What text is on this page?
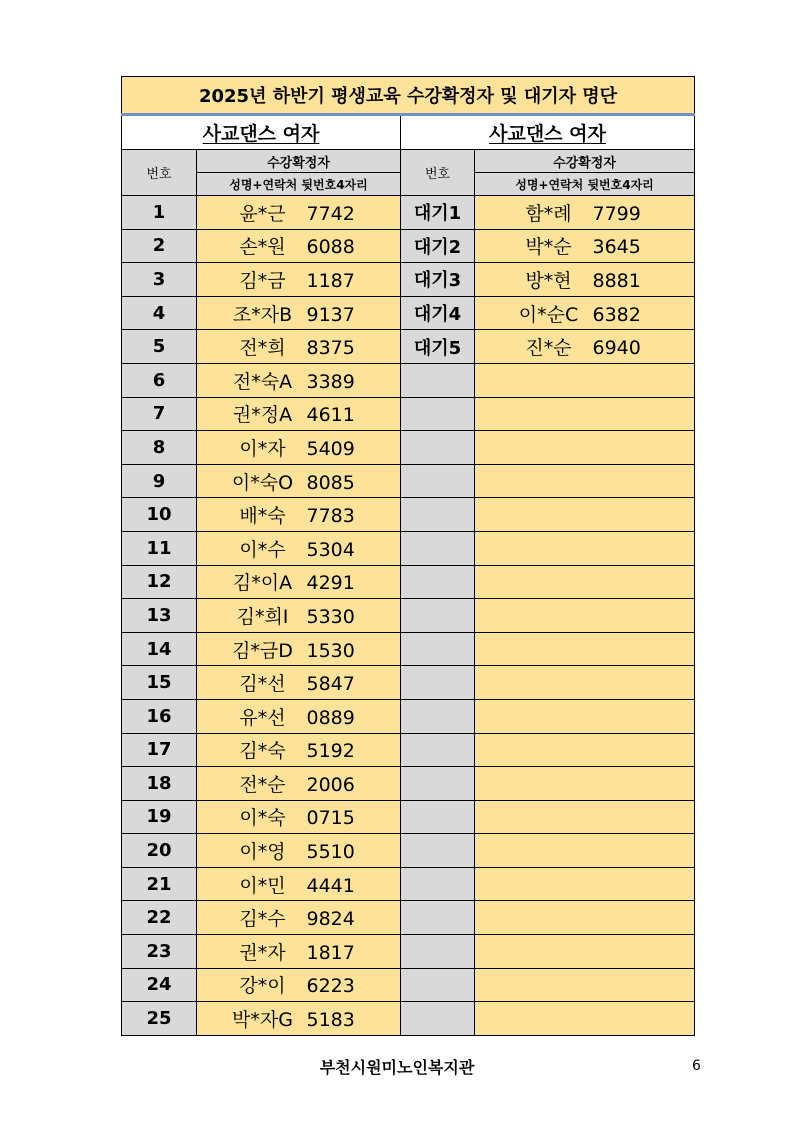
2025년 하반기 평생교육 수강확정자 및 대기자 명단			
사교댄스 여자		사교댄스 여자	
번호	수강확정자	번호	수강확정자
	성명+연락처 뒷번호4자리		성명+연락처 뒷번호4자리
1	윤*근 7742	대기1	함*례 7799
2	손*원 6088	대기2	박*순 3645
3	김*금 1187	대기3	방*현 8881
4	조*자B 9137	대기4	이*순C 6382
5	전*희 8375	대기5	진*순 6940
6	전*숙A 3389		
7	권*정A 4611		
8	이*자 5409		
9	이*숙O 8085		
10	배*숙 7783		
11	이*수 5304		
12	김*이A 4291		
13	김*희I 5330		
14	김*금D 1530		
15	김*선 5847		
16	유*선 0889		
17	김*숙 5192		
18	전*순 2006		
19	이*숙 0715		
20	이*영 5510		
21	이*민 4441		
22	김*수 9824		
23	권*자 1817		
24	강*이 6223		
25	박*자G 5183		
부천시원미노인복지관	6
